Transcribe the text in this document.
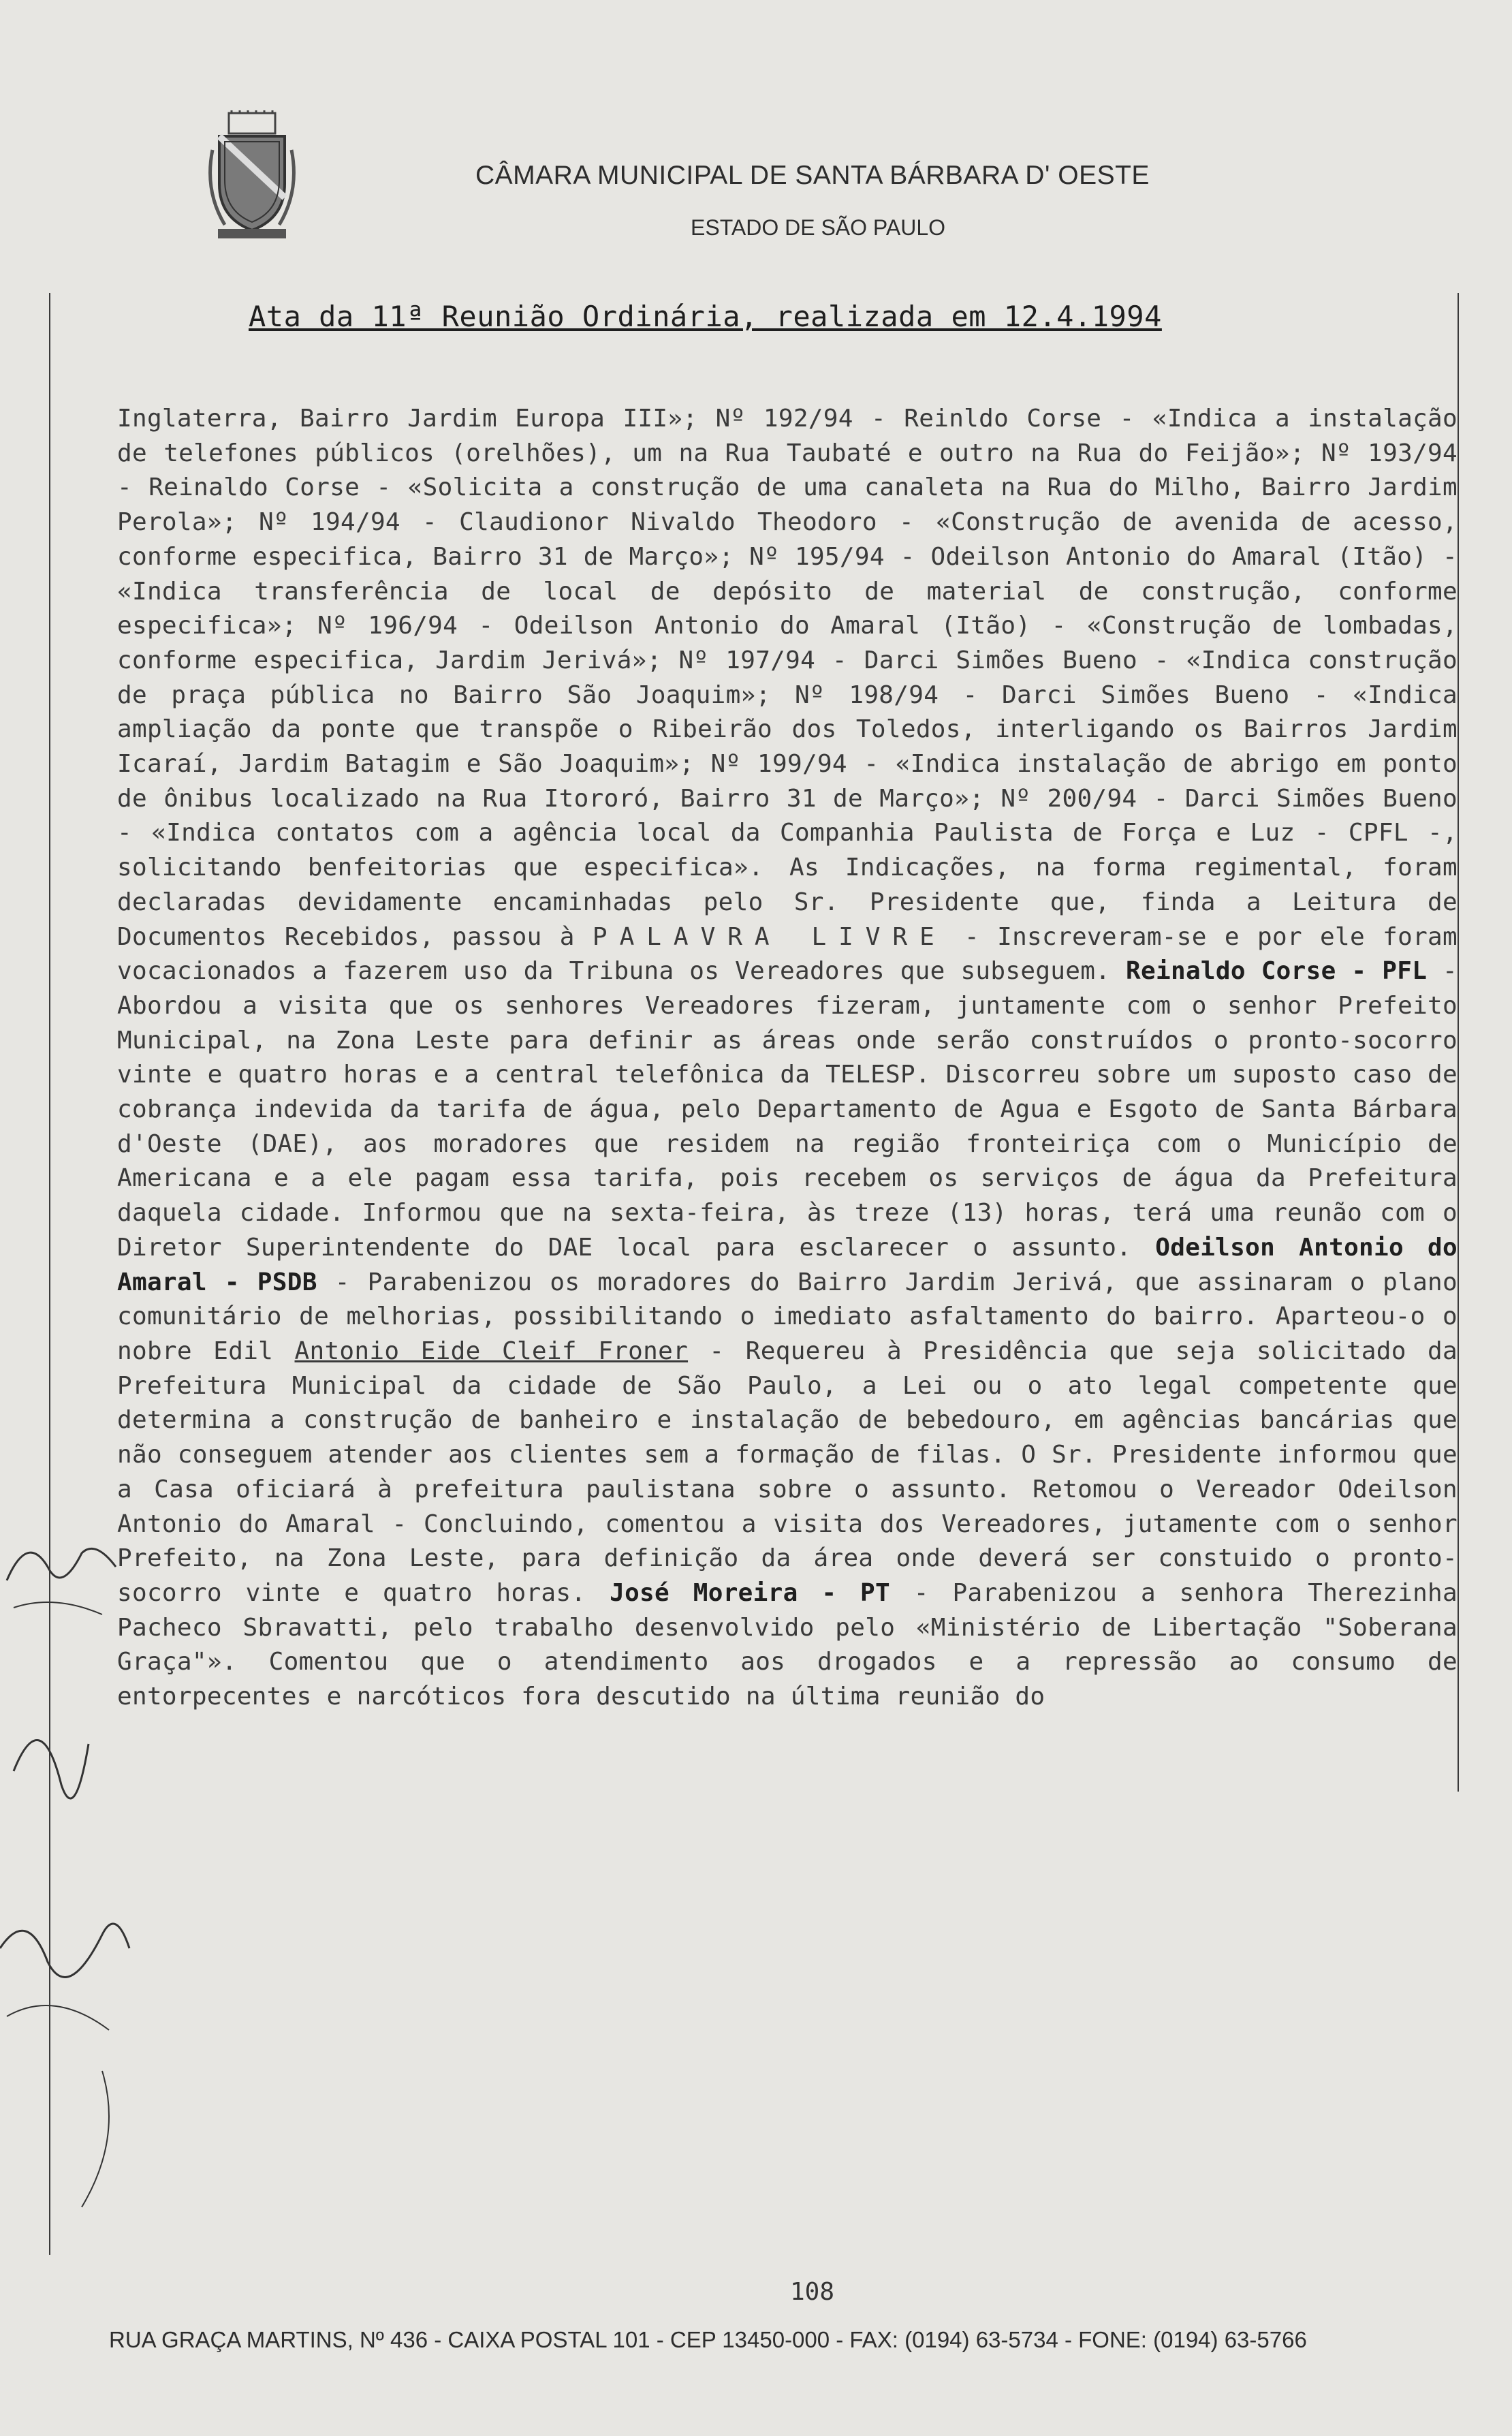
CÂMARA MUNICIPAL DE SANTA BÁRBARA D' OESTE
ESTADO DE SÃO PAULO
Ata da 11ª Reunião Ordinária, realizada em 12.4.1994
Inglaterra, Bairro Jardim Europa III»; Nº 192/94 - Reinldo Corse - «Indica a instalação de telefones públicos (orelhões), um na Rua Taubaté e outro na Rua do Feijão»; Nº 193/94 - Reinaldo Corse - «Solicita a construção de uma canaleta na Rua do Milho, Bairro Jardim Perola»; Nº 194/94 - Claudionor Nivaldo Theodoro - «Construção de avenida de acesso, conforme especifica, Bairro 31 de Março»; Nº 195/94 - Odeilson Antonio do Amaral (Itão) - «Indica transferência de local de depósito de material de construção, conforme especifica»; Nº 196/94 - Odeilson Antonio do Amaral (Itão) - «Construção de lombadas, conforme especifica, Jardim Jerivá»; Nº 197/94 - Darci Simões Bueno - «Indica construção de praça pública no Bairro São Joaquim»; Nº 198/94 - Darci Simões Bueno - «Indica ampliação da ponte que transpõe o Ribeirão dos Toledos, interligando os Bairros Jardim Icaraí, Jardim Batagim e São Joaquim»; Nº 199/94 - «Indica instalação de abrigo em ponto de ônibus localizado na Rua Itororó, Bairro 31 de Março»; Nº 200/94 - Darci Simões Bueno - «Indica contatos com a agência local da Companhia Paulista de Força e Luz - CPFL -, solicitando benfeitorias que especifica». As Indicações, na forma regimental, foram declaradas devidamente encaminhadas pelo Sr. Presidente que, finda a Leitura de Documentos Recebidos, passou à PALAVRA LIVRE - Inscreveram-se e por ele foram vocacionados a fazerem uso da Tribuna os Vereadores que subseguem. Reinaldo Corse - PFL - Abordou a visita que os senhores Vereadores fizeram, juntamente com o senhor Prefeito Municipal, na Zona Leste para definir as áreas onde serão construídos o pronto-socorro vinte e quatro horas e a central telefônica da TELESP. Discorreu sobre um suposto caso de cobrança indevida da tarifa de água, pelo Departamento de Agua e Esgoto de Santa Bárbara d'Oeste (DAE), aos moradores que residem na região fronteiriça com o Município de Americana e a ele pagam essa tarifa, pois recebem os serviços de água da Prefeitura daquela cidade. Informou que na sexta-feira, às treze (13) horas, terá uma reunão com o Diretor Superintendente do DAE local para esclarecer o assunto. Odeilson Antonio do Amaral - PSDB - Parabenizou os moradores do Bairro Jardim Jerivá, que assinaram o plano comunitário de melhorias, possibilitando o imediato asfaltamento do bairro. Aparteou-o o nobre Edil Antonio Eide Cleif Froner - Requereu à Presidência que seja solicitado da Prefeitura Municipal da cidade de São Paulo, a Lei ou o ato legal competente que determina a construção de banheiro e instalação de bebedouro, em agências bancárias que não conseguem atender aos clientes sem a formação de filas. O Sr. Presidente informou que a Casa oficiará à prefeitura paulistana sobre o assunto. Retomou o Vereador Odeilson Antonio do Amaral - Concluindo, comentou a visita dos Vereadores, jutamente com o senhor Prefeito, na Zona Leste, para definição da área onde deverá ser constuido o pronto-socorro vinte e quatro horas. José Moreira - PT - Parabenizou a senhora Therezinha Pacheco Sbravatti, pelo trabalho desenvolvido pelo «Ministério de Libertação "Soberana Graça"». Comentou que o atendimento aos drogados e a repressão ao consumo de entorpecentes e narcóticos fora descutido na última reunião do
108
RUA GRAÇA MARTINS, Nº 436 - CAIXA POSTAL 101 - CEP 13450-000 - FAX: (0194) 63-5734 - FONE: (0194) 63-5766
